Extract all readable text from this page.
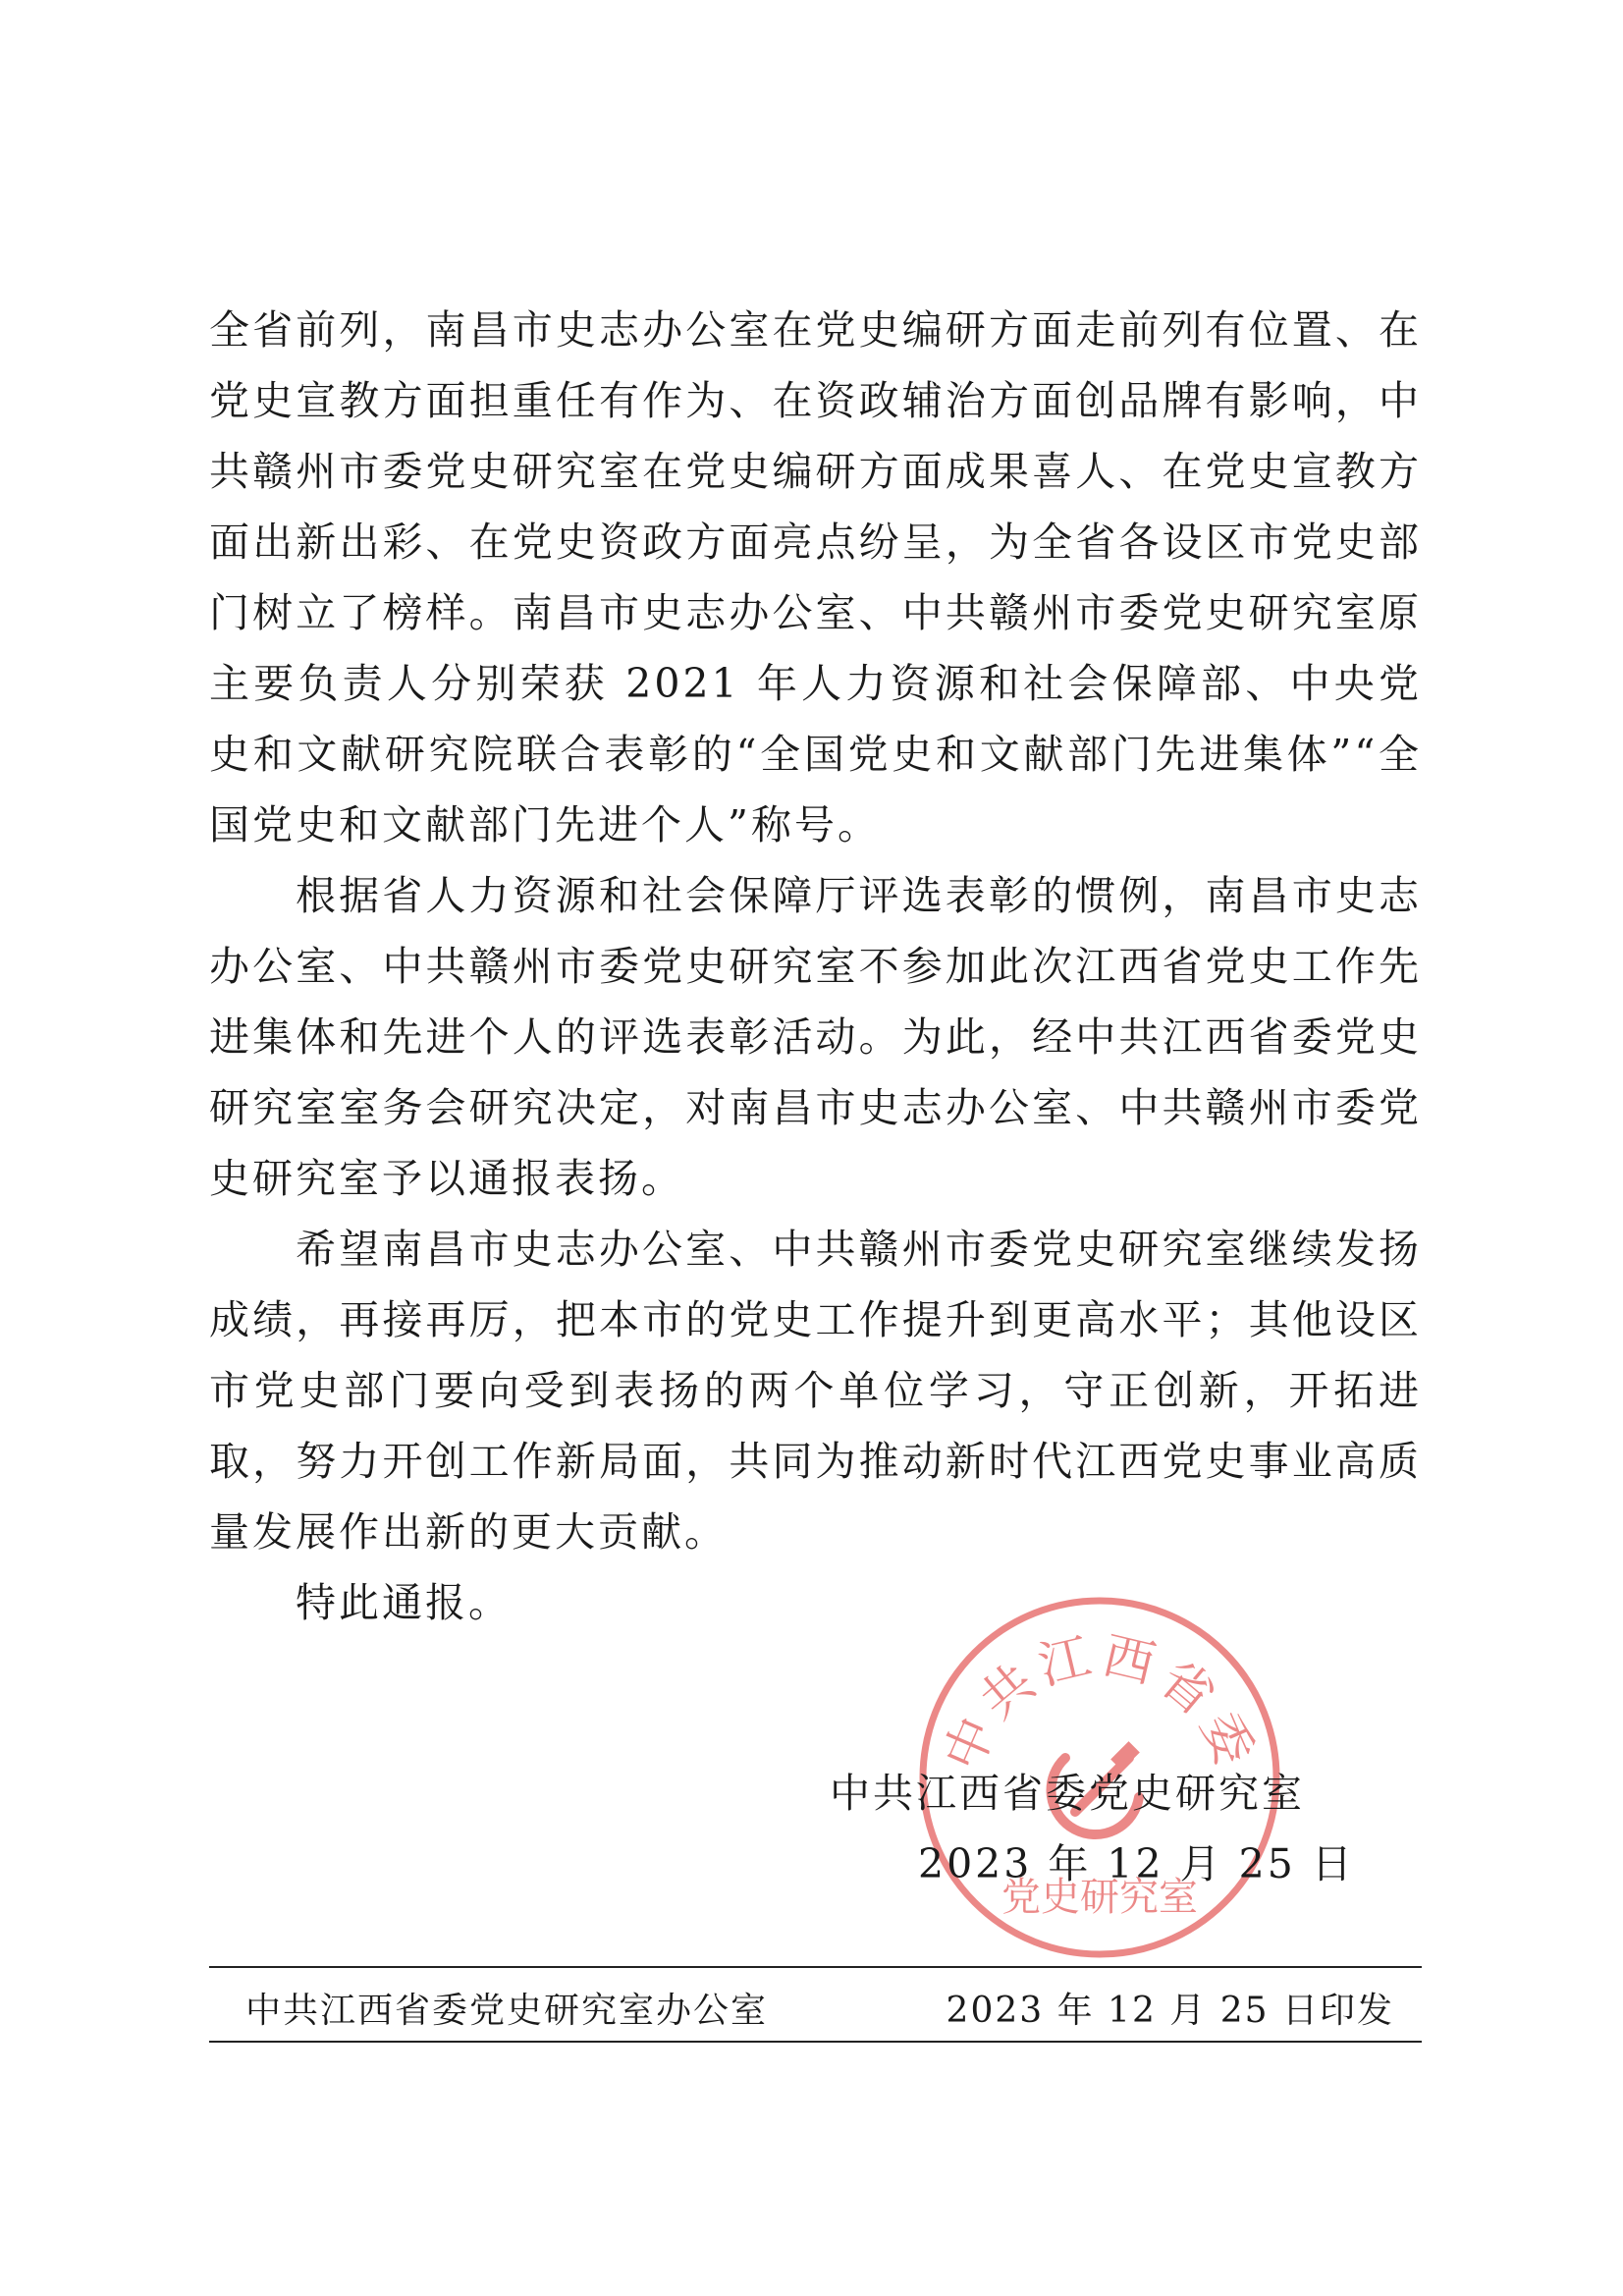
全省前列，南昌市史志办公室在党史编研方面走前列有位置、在党史宣教方面担重任有作为、在资政辅治方面创品牌有影响，中共赣州市委党史研究室在党史编研方面成果喜人、在党史宣教方面出新出彩、在党史资政方面亮点纷呈，为全省各设区市党史部门树立了榜样。南昌市史志办公室、中共赣州市委党史研究室原主要负责人分别荣获 2021 年人力资源和社会保障部、中央党史和文献研究院联合表彰的“全国党史和文献部门先进集体”“全国党史和文献部门先进个人”称号。

根据省人力资源和社会保障厅评选表彰的惯例，南昌市史志办公室、中共赣州市委党史研究室不参加此次江西省党史工作先进集体和先进个人的评选表彰活动。为此，经中共江西省委党史研究室室务会研究决定，对南昌市史志办公室、中共赣州市委党史研究室予以通报表扬。

希望南昌市史志办公室、中共赣州市委党史研究室继续发扬成绩，再接再厉，把本市的党史工作提升到更高水平；其他设区市党史部门要向受到表扬的两个单位学习，守正创新，开拓进取，努力开创工作新局面，共同为推动新时代江西党史事业高质量发展作出新的更大贡献。

特此通报。

中共江西省委
党史研究室
中共江西省委党史研究室
2023 年 12 月 25 日
中共江西省委党史研究室办公室	2023 年 12 月 25 日印发
